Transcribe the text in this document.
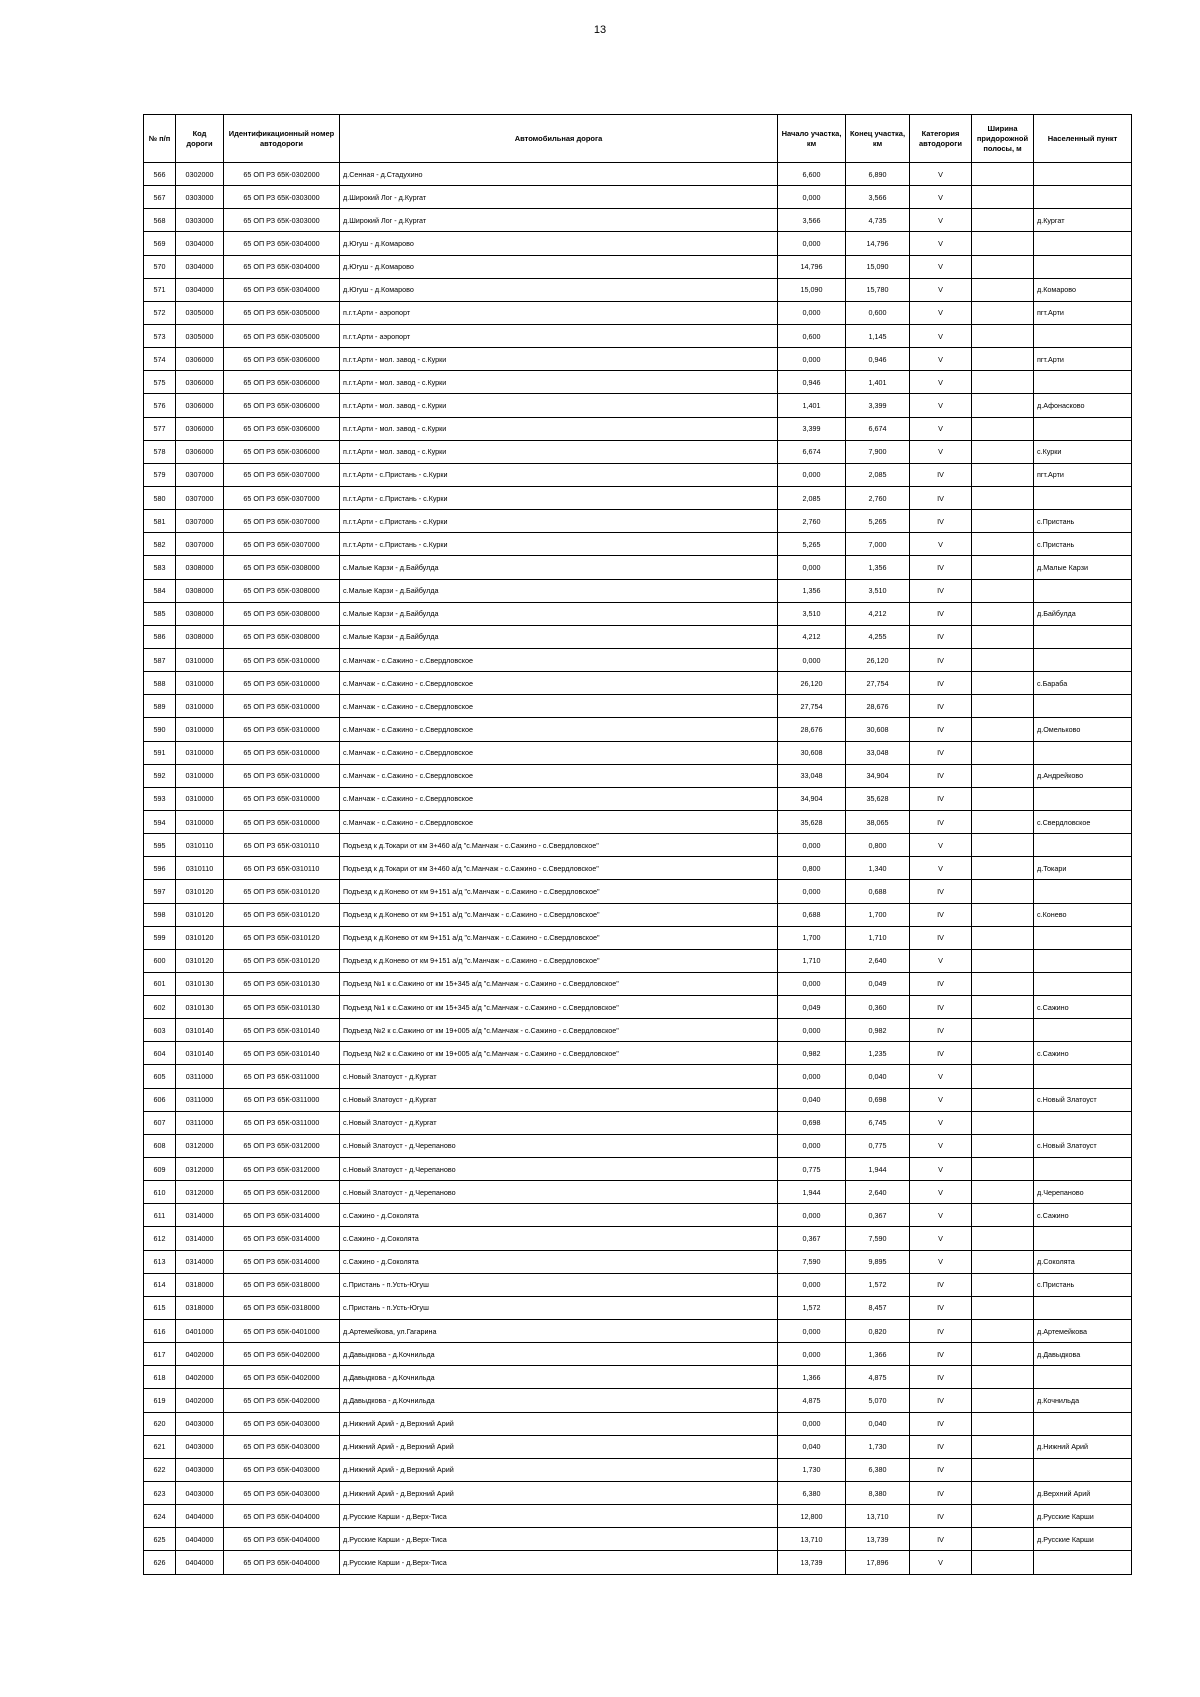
13
№ п/п	Код дороги	Идентификационный номер автодороги	Автомобильная дорога	Начало участка, км	Конец участка, км	Категория автодороги	Ширина придорожной полосы, м	Населенный пункт
566	0302000	65 ОП РЗ 65К-0302000	д.Сенная - д.Стадухино	6,600	6,890	V		
567	0303000	65 ОП РЗ 65К-0303000	д.Широкий Лог - д.Кургат	0,000	3,566	V		
568	0303000	65 ОП РЗ 65К-0303000	д.Широкий Лог - д.Кургат	3,566	4,735	V		д.Кургат
569	0304000	65 ОП РЗ 65К-0304000	д.Югуш - д.Комарово	0,000	14,796	V		
570	0304000	65 ОП РЗ 65К-0304000	д.Югуш - д.Комарово	14,796	15,090	V		
571	0304000	65 ОП РЗ 65К-0304000	д.Югуш - д.Комарово	15,090	15,780	V		д.Комарово
572	0305000	65 ОП РЗ 65К-0305000	п.г.т.Арти - аэропорт	0,000	0,600	V		пгт.Арти
573	0305000	65 ОП РЗ 65К-0305000	п.г.т.Арти - аэропорт	0,600	1,145	V		
574	0306000	65 ОП РЗ 65К-0306000	п.г.т.Арти - мол. завод - с.Курки	0,000	0,946	V		пгт.Арти
575	0306000	65 ОП РЗ 65К-0306000	п.г.т.Арти - мол. завод - с.Курки	0,946	1,401	V		
576	0306000	65 ОП РЗ 65К-0306000	п.г.т.Арти - мол. завод - с.Курки	1,401	3,399	V		д.Афонасково
577	0306000	65 ОП РЗ 65К-0306000	п.г.т.Арти - мол. завод - с.Курки	3,399	6,674	V		
578	0306000	65 ОП РЗ 65К-0306000	п.г.т.Арти - мол. завод - с.Курки	6,674	7,900	V		с.Курки
579	0307000	65 ОП РЗ 65К-0307000	п.г.т.Арти - с.Пристань - с.Курки	0,000	2,085	IV		пгт.Арти
580	0307000	65 ОП РЗ 65К-0307000	п.г.т.Арти - с.Пристань - с.Курки	2,085	2,760	IV		
581	0307000	65 ОП РЗ 65К-0307000	п.г.т.Арти - с.Пристань - с.Курки	2,760	5,265	IV		с.Пристань
582	0307000	65 ОП РЗ 65К-0307000	п.г.т.Арти - с.Пристань - с.Курки	5,265	7,000	V		с.Пристань
583	0308000	65 ОП РЗ 65К-0308000	с.Малые Карзи - д.Байбулда	0,000	1,356	IV		д.Малые Карзи
584	0308000	65 ОП РЗ 65К-0308000	с.Малые Карзи - д.Байбулда	1,356	3,510	IV		
585	0308000	65 ОП РЗ 65К-0308000	с.Малые Карзи - д.Байбулда	3,510	4,212	IV		д.Байбулда
586	0308000	65 ОП РЗ 65К-0308000	с.Малые Карзи - д.Байбулда	4,212	4,255	IV		
587	0310000	65 ОП РЗ 65К-0310000	с.Манчаж - с.Сажино - с.Свердловское	0,000	26,120	IV		
588	0310000	65 ОП РЗ 65К-0310000	с.Манчаж - с.Сажино - с.Свердловское	26,120	27,754	IV		с.Бараба
589	0310000	65 ОП РЗ 65К-0310000	с.Манчаж - с.Сажино - с.Свердловское	27,754	28,676	IV		
590	0310000	65 ОП РЗ 65К-0310000	с.Манчаж - с.Сажино - с.Свердловское	28,676	30,608	IV		д.Омельково
591	0310000	65 ОП РЗ 65К-0310000	с.Манчаж - с.Сажино - с.Свердловское	30,608	33,048	IV		
592	0310000	65 ОП РЗ 65К-0310000	с.Манчаж - с.Сажино - с.Свердловское	33,048	34,904	IV		д.Андрейково
593	0310000	65 ОП РЗ 65К-0310000	с.Манчаж - с.Сажино - с.Свердловское	34,904	35,628	IV		
594	0310000	65 ОП РЗ 65К-0310000	с.Манчаж - с.Сажино - с.Свердловское	35,628	38,065	IV		с.Свердловское
595	0310110	65 ОП РЗ 65К-0310110	Подъезд к д.Токари от км 3+460 а/д "с.Манчаж - с.Сажино - с.Свердловское"	0,000	0,800	V		
596	0310110	65 ОП РЗ 65К-0310110	Подъезд к д.Токари от км 3+460 а/д "с.Манчаж - с.Сажино - с.Свердловское"	0,800	1,340	V		д.Токари
597	0310120	65 ОП РЗ 65К-0310120	Подъезд к д.Конево от км 9+151 а/д "с.Манчаж - с.Сажино - с.Свердловское"	0,000	0,688	IV		
598	0310120	65 ОП РЗ 65К-0310120	Подъезд к д.Конево от км 9+151 а/д "с.Манчаж - с.Сажино - с.Свердловское"	0,688	1,700	IV		с.Конево
599	0310120	65 ОП РЗ 65К-0310120	Подъезд к д.Конево от км 9+151 а/д "с.Манчаж - с.Сажино - с.Свердловское"	1,700	1,710	IV		
600	0310120	65 ОП РЗ 65К-0310120	Подъезд к д.Конево от км 9+151 а/д "с.Манчаж - с.Сажино - с.Свердловское"	1,710	2,640	V		
601	0310130	65 ОП РЗ 65К-0310130	Подъезд №1 к с.Сажино от км 15+345 а/д "с.Манчаж - с.Сажино - с.Свердловское"	0,000	0,049	IV		
602	0310130	65 ОП РЗ 65К-0310130	Подъезд №1 к с.Сажино от км 15+345 а/д "с.Манчаж - с.Сажино - с.Свердловское"	0,049	0,360	IV		с.Сажино
603	0310140	65 ОП РЗ 65К-0310140	Подъезд №2 к с.Сажино от км 19+005 а/д "с.Манчаж - с.Сажино - с.Свердловское"	0,000	0,982	IV		
604	0310140	65 ОП РЗ 65К-0310140	Подъезд №2 к с.Сажино от км 19+005 а/д "с.Манчаж - с.Сажино - с.Свердловское"	0,982	1,235	IV		с.Сажино
605	0311000	65 ОП РЗ 65К-0311000	с.Новый Златоуст - д.Кургат	0,000	0,040	V		
606	0311000	65 ОП РЗ 65К-0311000	с.Новый Златоуст - д.Кургат	0,040	0,698	V		с.Новый Златоуст
607	0311000	65 ОП РЗ 65К-0311000	с.Новый Златоуст - д.Кургат	0,698	6,745	V		
608	0312000	65 ОП РЗ 65К-0312000	с.Новый Златоуст - д.Черепаново	0,000	0,775	V		с.Новый Златоуст
609	0312000	65 ОП РЗ 65К-0312000	с.Новый Златоуст - д.Черепаново	0,775	1,944	V		
610	0312000	65 ОП РЗ 65К-0312000	с.Новый Златоуст - д.Черепаново	1,944	2,640	V		д.Черепаново
611	0314000	65 ОП РЗ 65К-0314000	с.Сажино - д.Соколята	0,000	0,367	V		с.Сажино
612	0314000	65 ОП РЗ 65К-0314000	с.Сажино - д.Соколята	0,367	7,590	V		
613	0314000	65 ОП РЗ 65К-0314000	с.Сажино - д.Соколята	7,590	9,895	V		д.Соколята
614	0318000	65 ОП РЗ 65К-0318000	с.Пристань - п.Усть-Югуш	0,000	1,572	IV		с.Пристань
615	0318000	65 ОП РЗ 65К-0318000	с.Пристань - п.Усть-Югуш	1,572	8,457	IV		
616	0401000	65 ОП РЗ 65К-0401000	д.Артемейкова, ул.Гагарина	0,000	0,820	IV		д.Артемейкова
617	0402000	65 ОП РЗ 65К-0402000	д.Давыдкова - д.Кочнильда	0,000	1,366	IV		д.Давыдкова
618	0402000	65 ОП РЗ 65К-0402000	д.Давыдкова - д.Кочнильда	1,366	4,875	IV		
619	0402000	65 ОП РЗ 65К-0402000	д.Давыдкова - д.Кочнильда	4,875	5,070	IV		д.Кочнильда
620	0403000	65 ОП РЗ 65К-0403000	д.Нижний Арий - д.Верхний Арий	0,000	0,040	IV		
621	0403000	65 ОП РЗ 65К-0403000	д.Нижний Арий - д.Верхний Арий	0,040	1,730	IV		д.Нижний Арий
622	0403000	65 ОП РЗ 65К-0403000	д.Нижний Арий - д.Верхний Арий	1,730	6,380	IV		
623	0403000	65 ОП РЗ 65К-0403000	д.Нижний Арий - д.Верхний Арий	6,380	8,380	IV		д.Верхний Арий
624	0404000	65 ОП РЗ 65К-0404000	д.Русские Карши - д.Верх-Тиса	12,800	13,710	IV		д.Русские Карши
625	0404000	65 ОП РЗ 65К-0404000	д.Русские Карши - д.Верх-Тиса	13,710	13,739	IV		д.Русские Карши
626	0404000	65 ОП РЗ 65К-0404000	д.Русские Карши - д.Верх-Тиса	13,739	17,896	V		
